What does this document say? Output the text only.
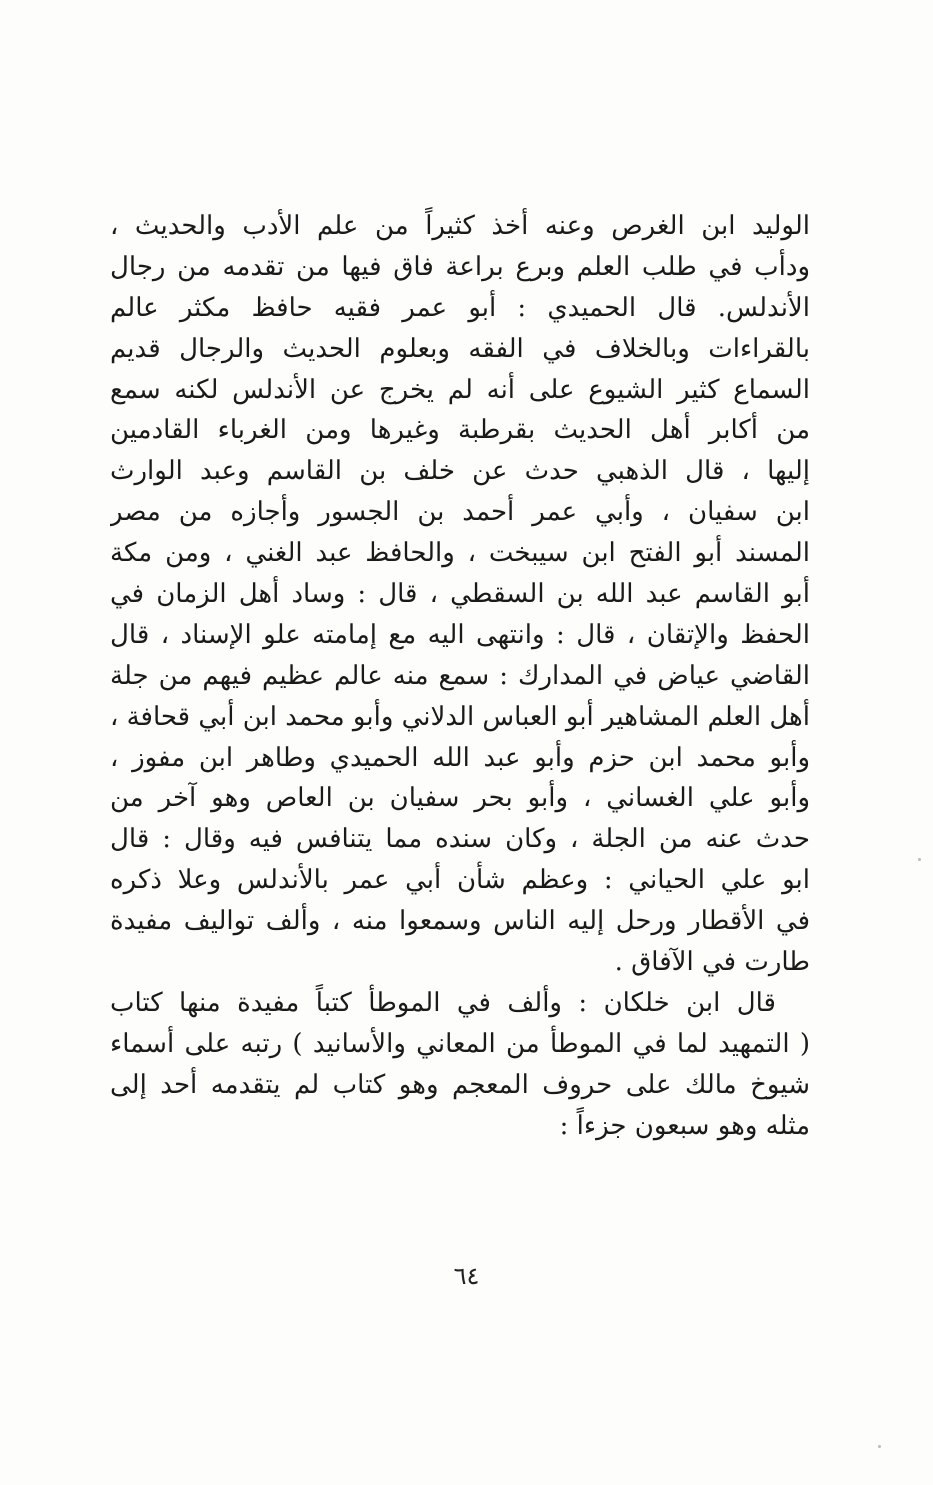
الوليد ابن الغرص وعنه أخذ كثيراً من علم الأدب والحديث ،
ودأب في طلب العلم وبرع براعة فاق فيها من تقدمه من رجال
الأندلس. قال الحميدي : أبو عمر فقيه حافظ مكثر عالم
بالقراءات وبالخلاف في الفقه وبعلوم الحديث والرجال قديم
السماع كثير الشيوع على أنه لم يخرج عن الأندلس لكنه سمع
من أكابر أهل الحديث بقرطبة وغيرها ومن الغرباء القادمين
إليها ، قال الذهبي حدث عن خلف بن القاسم وعبد الوارث
ابن سفيان ، وأبي عمر أحمد بن الجسور وأجازه من مصر
المسند أبو الفتح ابن سيبخت ، والحافظ عبد الغني ، ومن مكة
أبو القاسم عبد الله بن السقطي ، قال : وساد أهل الزمان في
الحفظ والإتقان ، قال : وانتهى اليه مع إمامته علو الإسناد ، قال
القاضي عياض في المدارك : سمع منه عالم عظيم فيهم من جلة
أهل العلم المشاهير أبو العباس الدلاني وأبو محمد ابن أبي قحافة ،
وأبو محمد ابن حزم وأبو عبد الله الحميدي وطاهر ابن مفوز ،
وأبو علي الغساني ، وأبو بحر سفيان بن العاص وهو آخر من
حدث عنه من الجلة ، وكان سنده مما يتنافس فيه وقال : قال
ابو علي الحياني : وعظم شأن أبي عمر بالأندلس وعلا ذكره
في الأقطار ورحل إليه الناس وسمعوا منه ، وألف تواليف مفيدة
طارت في الآفاق .
قال ابن خلكان : وألف في الموطأ كتباً مفيدة منها كتاب
( التمهيد لما في الموطأ من المعاني والأسانيد ) رتبه على أسماء
شيوخ مالك على حروف المعجم وهو كتاب لم يتقدمه أحد إلى
مثله وهو سبعون جزءاً :
٦٤
